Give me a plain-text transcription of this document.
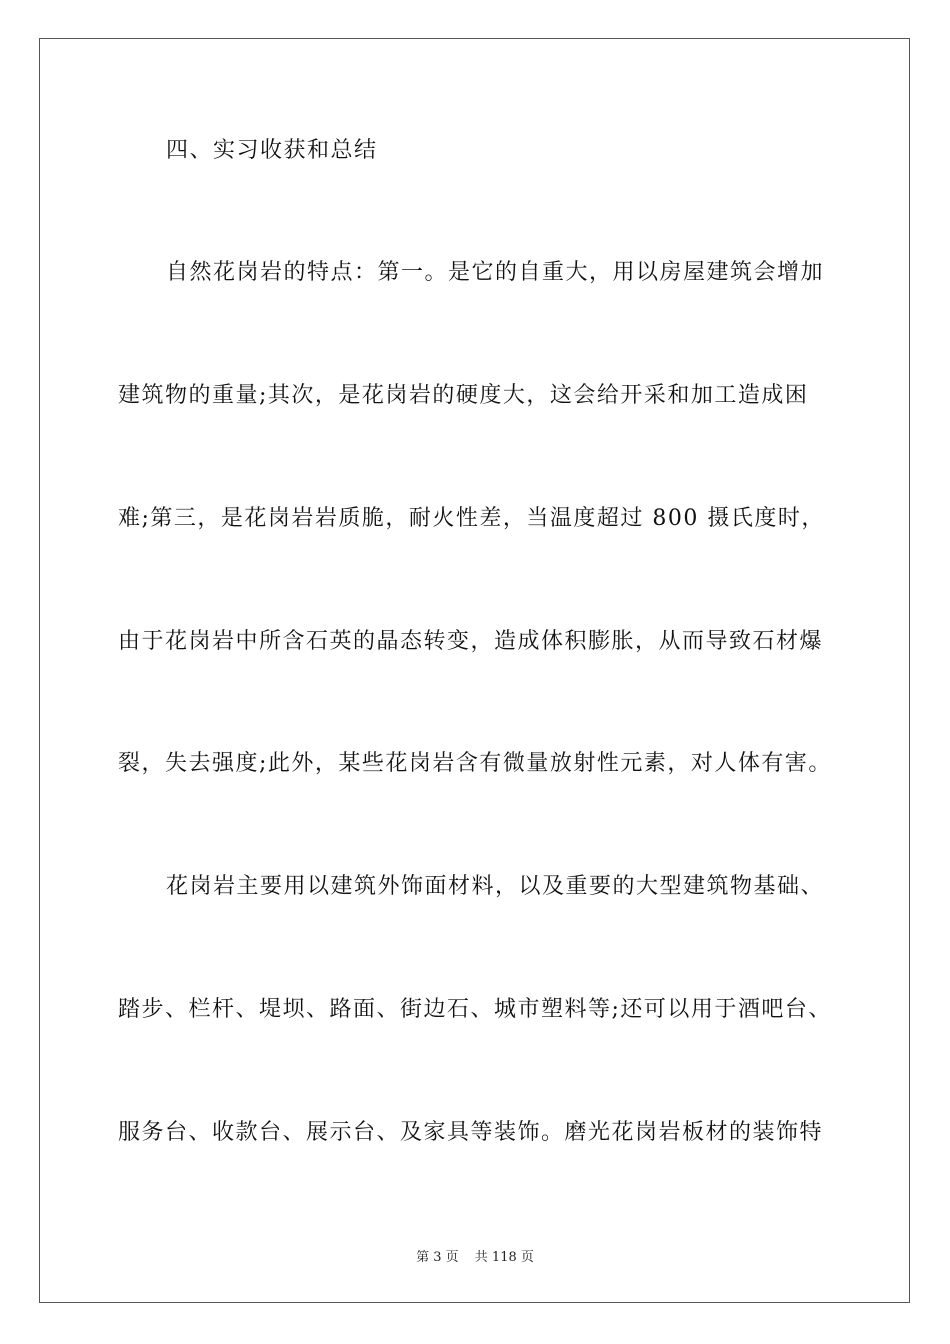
四、实习收获和总结
自然花岗岩的特点：第一。是它的自重大，用以房屋建筑会增加
建筑物的重量;其次，是花岗岩的硬度大，这会给开采和加工造成困
难;第三，是花岗岩岩质脆，耐火性差，当温度超过 800 摄氏度时，
由于花岗岩中所含石英的晶态转变，造成体积膨胀，从而导致石材爆
裂，失去强度;此外，某些花岗岩含有微量放射性元素，对人体有害。
花岗岩主要用以建筑外饰面材料，以及重要的大型建筑物基础、
踏步、栏杆、堤坝、路面、街边石、城市塑料等;还可以用于酒吧台、
服务台、收款台、展示台、及家具等装饰。磨光花岗岩板材的装饰特
第 3 页 共 118 页
